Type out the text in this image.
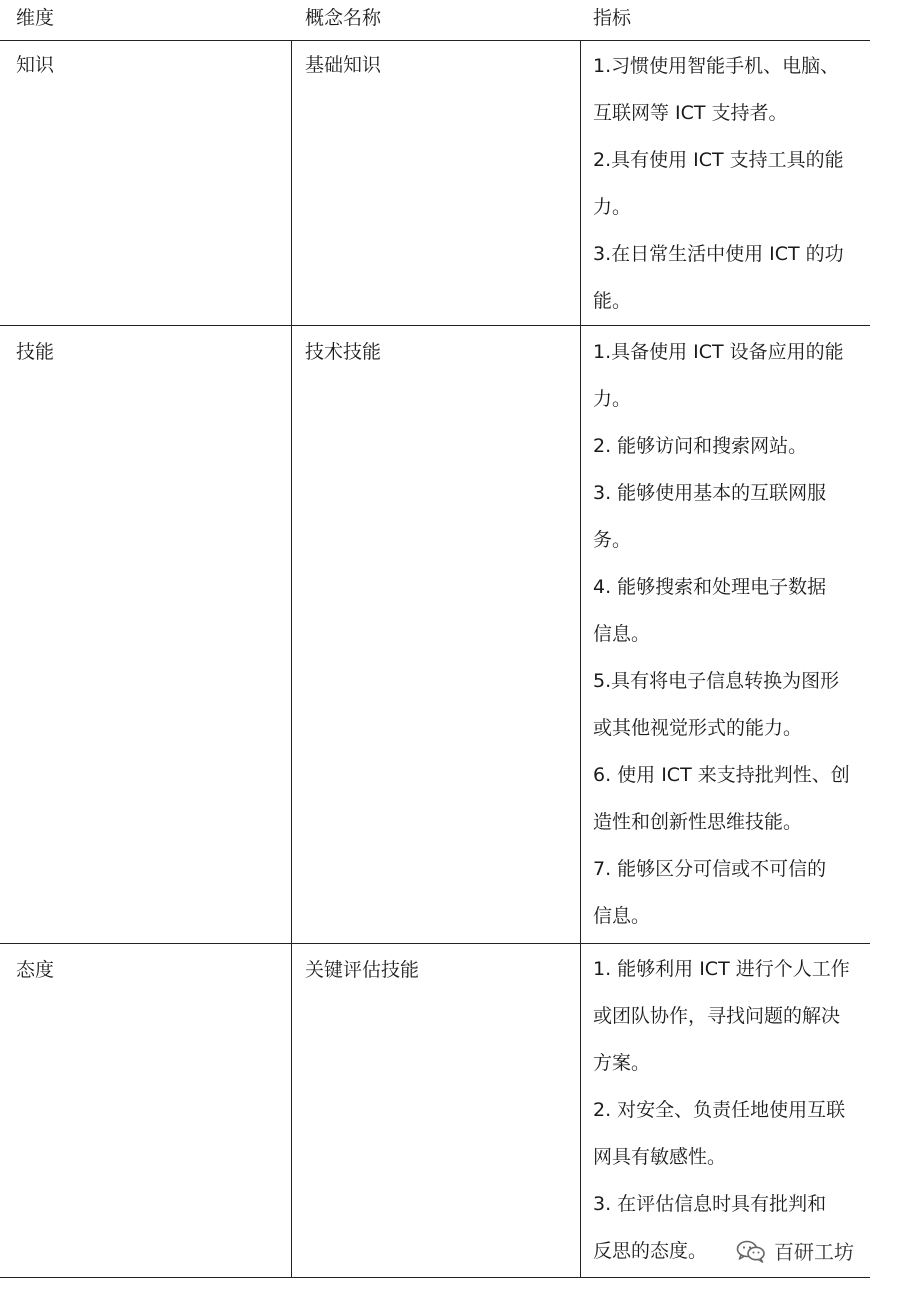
维度	概念名称	指标
知识	基础知识	1.习惯使用智能手机、电脑、
互联网等 ICT 支持者。
2.具有使用 ICT 支持工具的能
力。
3.在日常生活中使用 ICT 的功
能。
技能	技术技能	1.具备使用 ICT 设备应用的能
力。
2. 能够访问和搜索网站。
3. 能够使用基本的互联网服
务。
4. 能够搜索和处理电子数据
信息。
5.具有将电子信息转换为图形
或其他视觉形式的能力。
6. 使用 ICT 来支持批判性、创
造性和创新性思维技能。
7. 能够区分可信或不可信的
信息。
态度	关键评估技能	1. 能够利用 ICT 进行个人工作
或团队协作，寻找问题的解决
方案。
2. 对安全、负责任地使用互联
网具有敏感性。
3. 在评估信息时具有批判和
反思的态度。	百研工坊
